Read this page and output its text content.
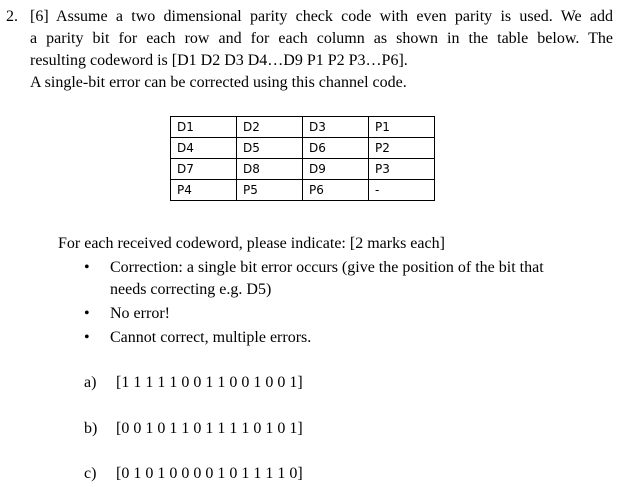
2. [6] Assume a two dimensional parity check code with even parity is used. We add
a parity bit for each row and for each column as shown in the table below. The
resulting codeword is [D1 D2 D3 D4…D9 P1 P2 P3…P6].
A single-bit error can be corrected using this channel code.
D1	D2	D3	P1
D4	D5	D6	P2
D7	D8	D9	P3
P4	P5	P6	-
For each received codeword, please indicate: [2 marks each]
• Correction: a single bit error occurs (give the position of the bit that
needs correcting e.g. D5)
• No error!
• Cannot correct, multiple errors.
a) [1 1 1 1 1 0 0 1 1 0 0 1 0 0 1]
b) [0 0 1 0 1 1 0 1 1 1 1 0 1 0 1]
c) [0 1 0 1 0 0 0 0 1 0 1 1 1 1 0]
